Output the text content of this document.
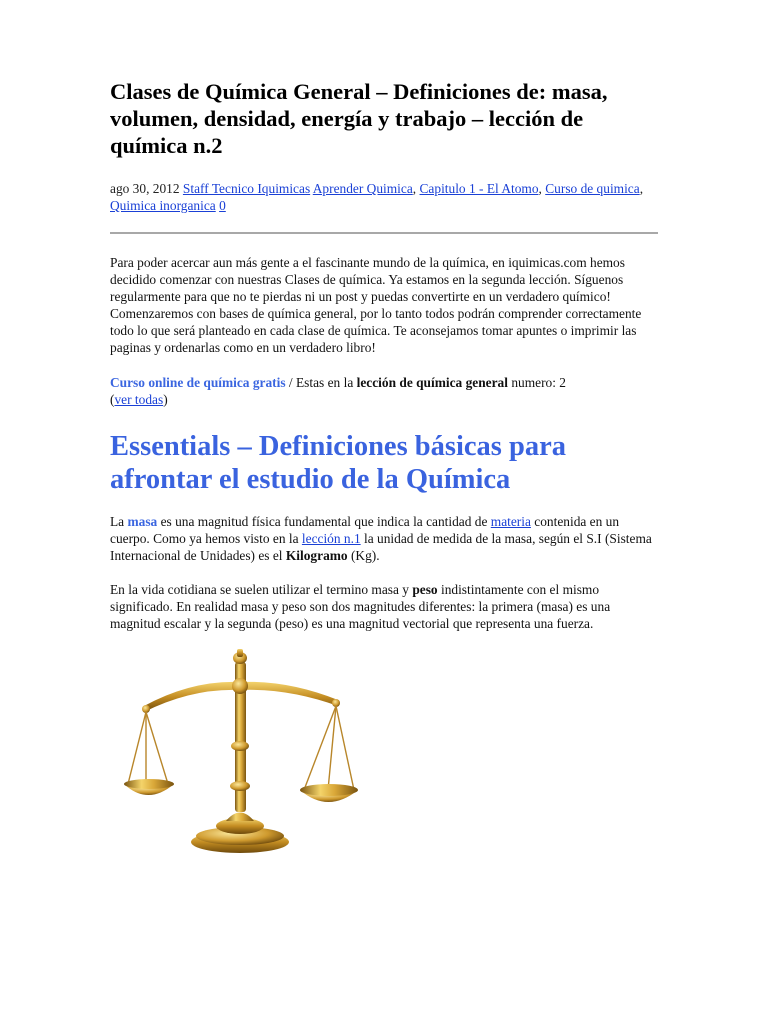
Clases de Química General – Definiciones de: masa, volumen, densidad, energía y trabajo – lección de química n.2
ago 30, 2012 Staff Tecnico Iquimicas Aprender Quimica, Capitulo 1 - El Atomo, Curso de quimica, Quimica inorganica 0

Para poder acercar aun más gente a el fascinante mundo de la química, en iquimicas.com hemos decidido comenzar con nuestras Clases de química. Ya estamos en la segunda lección. Síguenos regularmente para que no te pierdas ni un post y puedas convertirte en un verdadero químico! Comenzaremos con bases de química general, por lo tanto todos podrán comprender correctamente todo lo que será planteado en cada clase de química. Te aconsejamos tomar apuntes o imprimir las paginas y ordenarlas como en un verdadero libro!

Curso online de química gratis / Estas en la lección de química general numero: 2
(ver todas)

Essentials – Definiciones básicas para afrontar el estudio de la Química

La masa es una magnitud física fundamental que indica la cantidad de materia contenida en un cuerpo. Como ya hemos visto en la lección n.1 la unidad de medida de la masa, según el S.I (Sistema Internacional de Unidades) es el Kilogramo (Kg).

En la vida cotidiana se suelen utilizar el termino masa y peso indistintamente con el mismo significado. En realidad masa y peso son dos magnitudes diferentes: la primera (masa) es una magnitud escalar y la segunda (peso) es una magnitud vectorial que representa una fuerza.
